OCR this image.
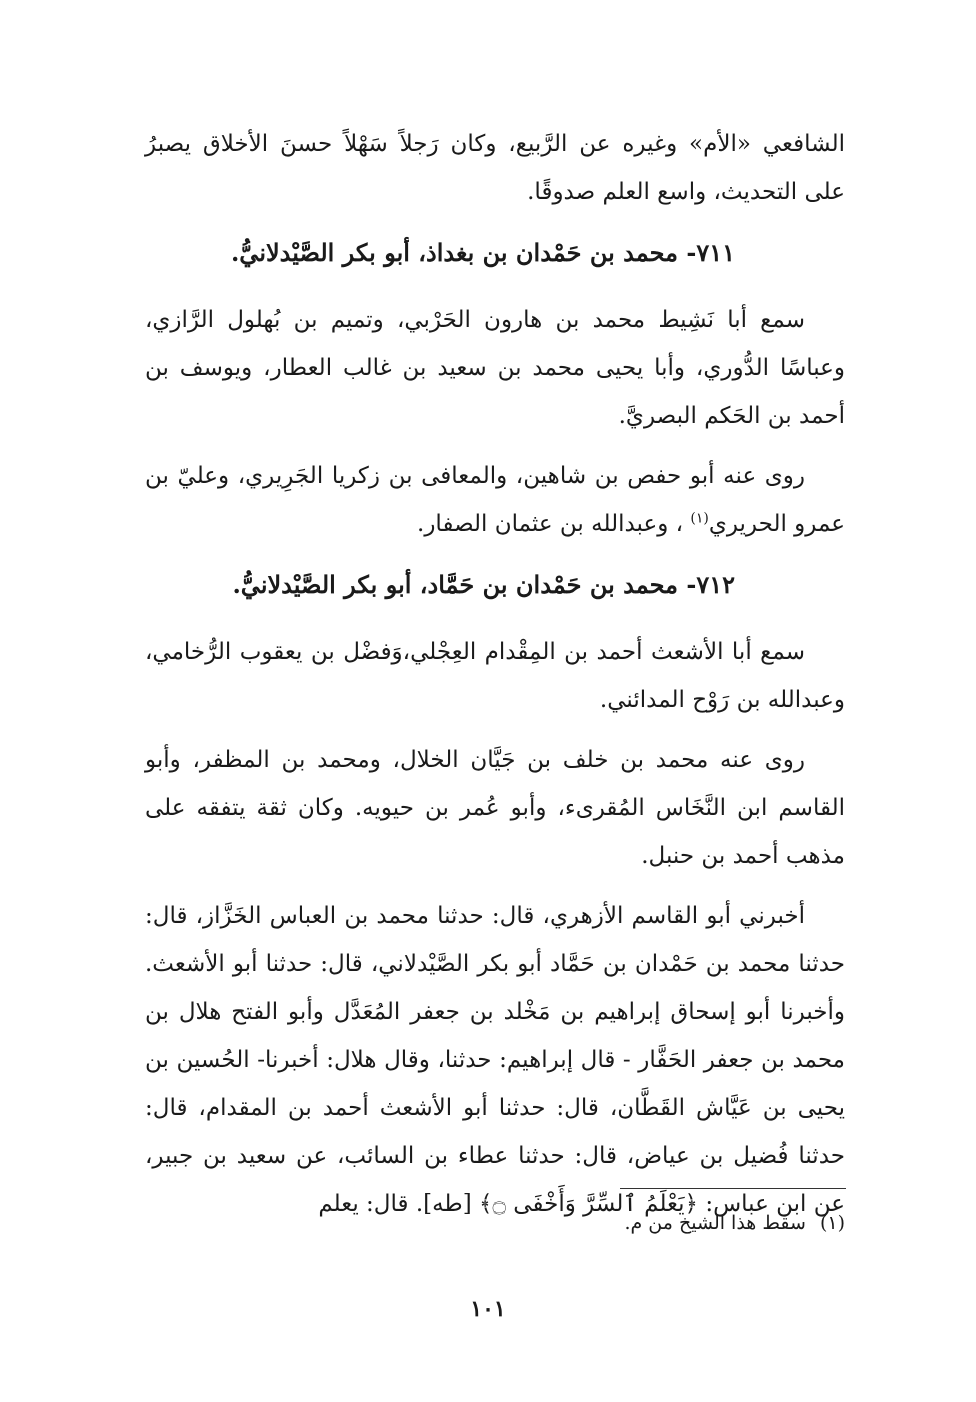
الشافعي «الأم» وغيره عن الرَّبيع، وكان رَجلاً سَهْلاً حسنَ الأخلاق يصبرُ على التحديث، واسع العلم صدوقًا.

٧١١- محمد بن حَمْدان بن بغداذ، أبو بكر الصَّيْدلانيُّ.

سمع أبا نَشِيط محمد بن هارون الحَرْبي، وتميم بن بُهلول الرَّازي، وعباسًا الدُّوري، وأبا يحيى محمد بن سعيد بن غالب العطار، ويوسف بن أحمد بن الحَكم البصريَّ.

روى عنه أبو حفص بن شاهين، والمعافى بن زكريا الجَرِيري، وعليّ بن عمرو الحريري$^{(١)}$ ، وعبدالله بن عثمان الصفار.

٧١٢- محمد بن حَمْدان بن حَمَّاد، أبو بكر الصَّيْدلانيُّ.

سمع أبا الأشعث أحمد بن المِقْدام العِجْلي،وَفضْل بن يعقوب الرُّخامي، وعبدالله بن رَوْح المدائني.

روى عنه محمد بن خلف بن جَيَّان الخلال، ومحمد بن المظفر، وأبو القاسم ابن النَّخَاس المُقرىء، وأبو عُمر بن حيويه. وكان ثقة يتفقه على مذهب أحمد بن حنبل.

أخبرني أبو القاسم الأزهري، قال: حدثنا محمد بن العباس الخَزَّاز، قال: حدثنا محمد بن حَمْدان بن حَمَّاد أبو بكر الصَّيْدلاني، قال: حدثنا أبو الأشعث. وأخبرنا أبو إسحاق إبراهيم بن مَخْلد بن جعفر المُعَدَّل وأبو الفتح هلال بن محمد بن جعفر الحَفَّار - قال إبراهيم: حدثنا، وقال هلال: أخبرنا- الحُسين بن يحيى بن عَيَّاش القَطَّان، قال: حدثنا أبو الأشعث أحمد بن المقدام، قال: حدثنا فُضيل بن عياض، قال: حدثنا عطاء بن السائب، عن سعيد بن جبير، عن ابن عباس: ﴿يَعْلَمُ ٱلسِّرَّ وَأَخْفَى ۝﴾ [طه]. قال: يعلم

(١)سقط هذا الشيخ من م.
١٠١
